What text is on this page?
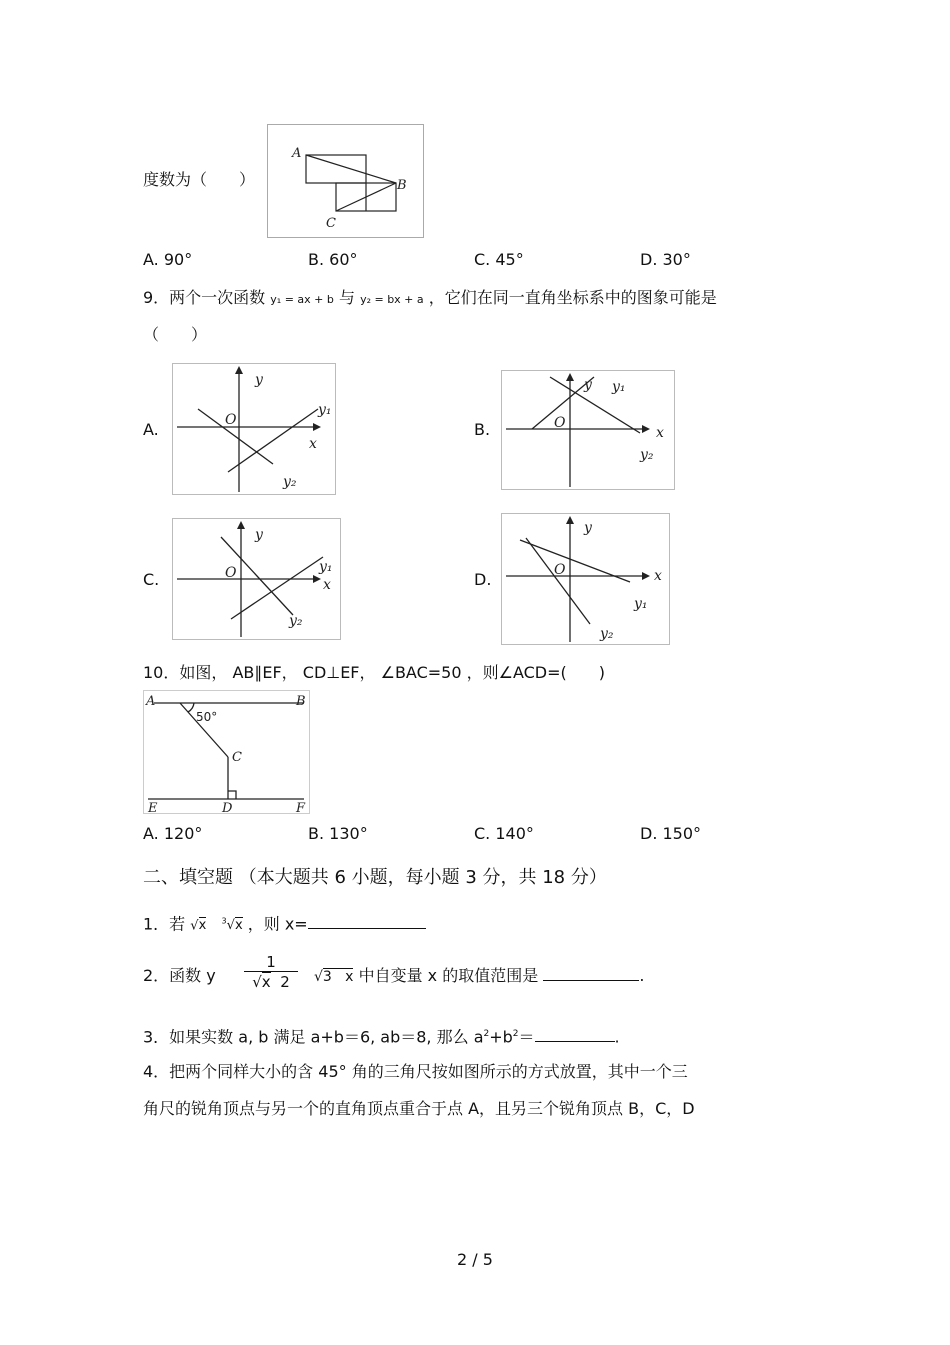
度数为（　　）
A
B
C
A. 90°	B. 60°	C. 45°	D. 30°
9．两个一次函数 y₁ = ax + b 与 y₂ = bx + a ，它们在同一直角坐标系中的图象可能是
（　　）
A.
y
O
x
y₁
y₂
B.
y
O
x
y₁
y₂
C.
y
O
x
y₁
y₂
D.
y
O	x
y₁
y₂
10．如图， AB∥EF， CD⊥EF， ∠BAC=50 ，则∠ACD=(　　)
A	B
50°
C
D
E	F
A. 120°	B. 130°	C. 140°	D. 150°
二、填空题 （本大题共 6 小题，每小题 3 分，共 18 分）
1．若 √x $^3$√x ，则 x=
2．函数 y $\frac{1}{√x 2} √3$   x 中自变量 x 的取值范围是	.
3．如果实数 a, b 满足 a+b＝6, ab＝8, 那么 $a^2+b^2=$	.
4．把两个同样大小的含 45° 角的三角尺按如图所示的方式放置，其中一个三
角尺的锐角顶点与另一个的直角顶点重合于点 A，且另三个锐角顶点 B，C，D
2 / 5
